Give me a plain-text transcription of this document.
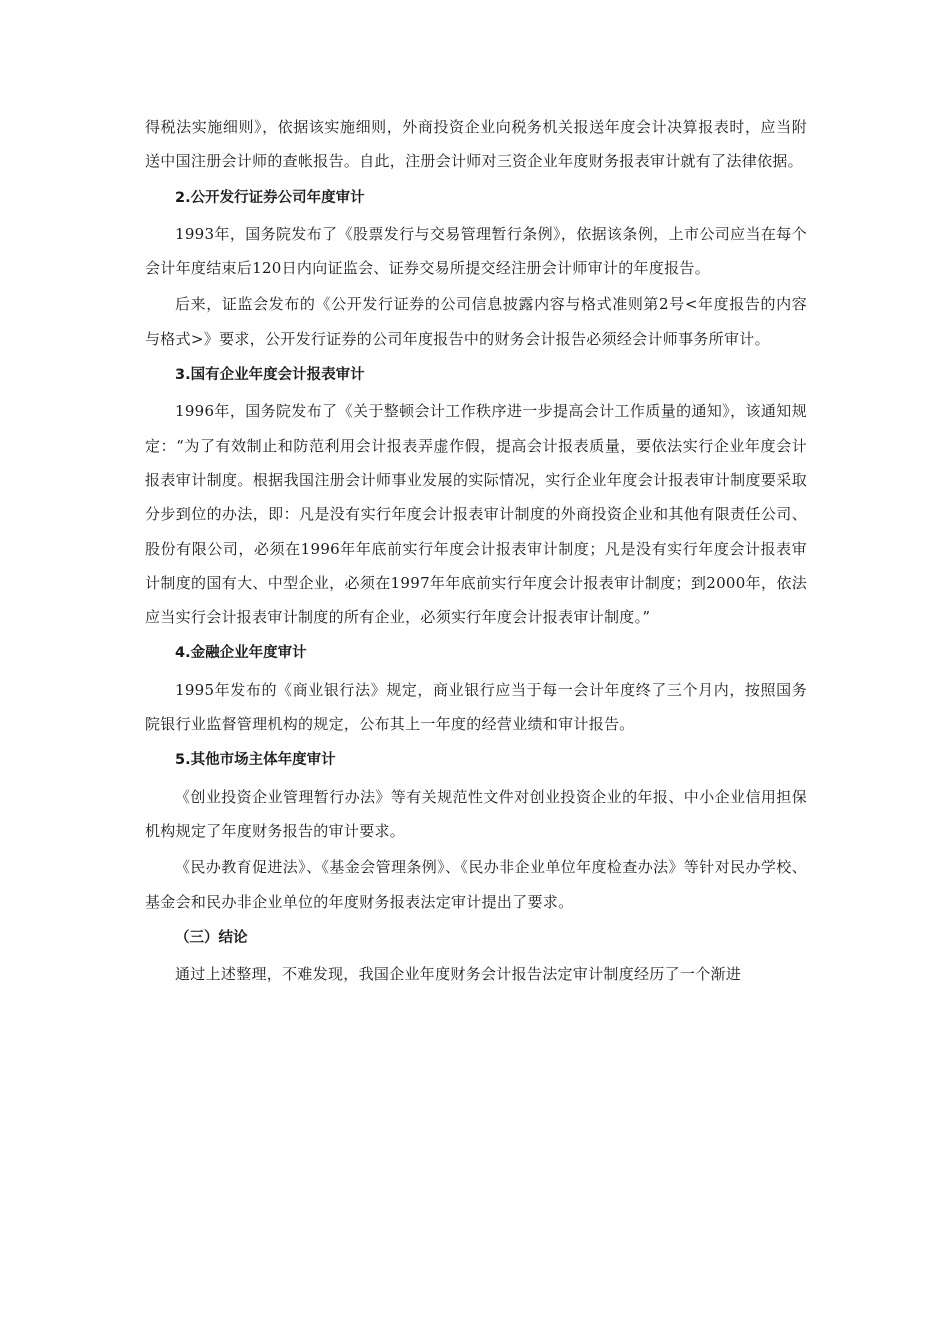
得税法实施细则》，依据该实施细则，外商投资企业向税务机关报送年度会计决算报表时，应当附送中国注册会计师的查帐报告。自此，注册会计师对三资企业年度财务报表审计就有了法律依据。

2.公开发行证券公司年度审计

1993年，国务院发布了《股票发行与交易管理暂行条例》，依据该条例，上市公司应当在每个会计年度结束后120日内向证监会、证券交易所提交经注册会计师审计的年度报告。

后来，证监会发布的《公开发行证券的公司信息披露内容与格式准则第2号<年度报告的内容与格式>》要求，公开发行证券的公司年度报告中的财务会计报告必须经会计师事务所审计。

3.国有企业年度会计报表审计

1996年，国务院发布了《关于整顿会计工作秩序进一步提高会计工作质量的通知》，该通知规定：“为了有效制止和防范利用会计报表弄虚作假，提高会计报表质量，要依法实行企业年度会计报表审计制度。根据我国注册会计师事业发展的实际情况，实行企业年度会计报表审计制度要采取分步到位的办法，即：凡是没有实行年度会计报表审计制度的外商投资企业和其他有限责任公司、股份有限公司，必须在1996年年底前实行年度会计报表审计制度；凡是没有实行年度会计报表审计制度的国有大、中型企业，必须在1997年年底前实行年度会计报表审计制度；到2000年，依法应当实行会计报表审计制度的所有企业，必须实行年度会计报表审计制度。”

4.金融企业年度审计

1995年发布的《商业银行法》规定，商业银行应当于每一会计年度终了三个月内，按照国务院银行业监督管理机构的规定，公布其上一年度的经营业绩和审计报告。

5.其他市场主体年度审计

《创业投资企业管理暂行办法》等有关规范性文件对创业投资企业的年报、中小企业信用担保机构规定了年度财务报告的审计要求。

《民办教育促进法》、《基金会管理条例》、《民办非企业单位年度检查办法》等针对民办学校、基金会和民办非企业单位的年度财务报表法定审计提出了要求。

（三）结论

通过上述整理，不难发现，我国企业年度财务会计报告法定审计制度经历了一个渐进
